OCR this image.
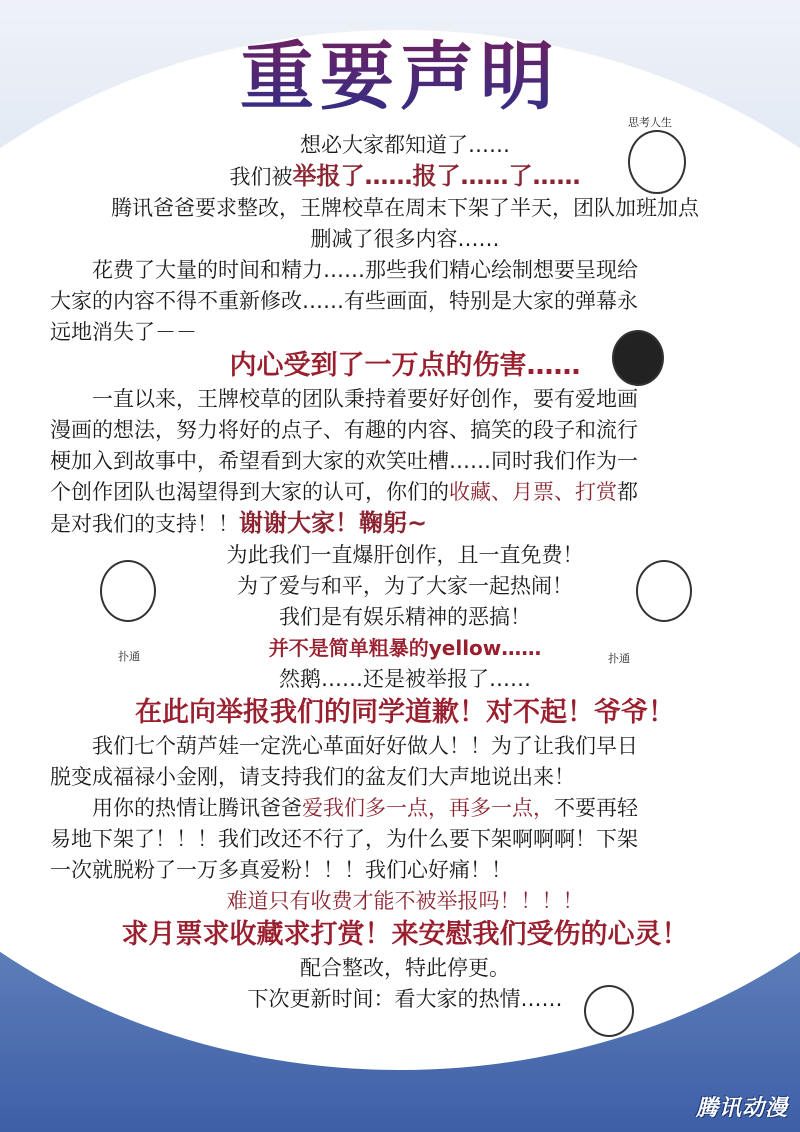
重要声明
思考人生
扑通	扑通
想必大家都知道了……
我们被举报了……报了……了……
腾讯爸爸要求整改，王牌校草在周末下架了半天，团队加班加点
删减了很多内容……
花费了大量的时间和精力……那些我们精心绘制想要呈现给
大家的内容不得不重新修改……有些画面，特别是大家的弹幕永
远地消失了－－
内心受到了一万点的伤害……
一直以来，王牌校草的团队秉持着要好好创作，要有爱地画
漫画的想法，努力将好的点子、有趣的内容、搞笑的段子和流行
梗加入到故事中，希望看到大家的欢笑吐槽……同时我们作为一
个创作团队也渴望得到大家的认可，你们的收藏、月票、打赏都
是对我们的支持！！谢谢大家！鞠躬~
为此我们一直爆肝创作，且一直免费！
为了爱与和平，为了大家一起热闹！
我们是有娱乐精神的恶搞！
并不是简单粗暴的yellow……
然鹅……还是被举报了……
在此向举报我们的同学道歉！对不起！爷爷！
我们七个葫芦娃一定洗心革面好好做人！！为了让我们早日
脱变成福禄小金刚，请支持我们的盆友们大声地说出来！
用你的热情让腾讯爸爸爱我们多一点，再多一点，不要再轻
易地下架了！！！我们改还不行了，为什么要下架啊啊啊！下架
一次就脱粉了一万多真爱粉！！！我们心好痛！！
难道只有收费才能不被举报吗！！！！
求月票求收藏求打赏！来安慰我们受伤的心灵！
配合整改，特此停更。
下次更新时间：看大家的热情……
腾讯动漫
